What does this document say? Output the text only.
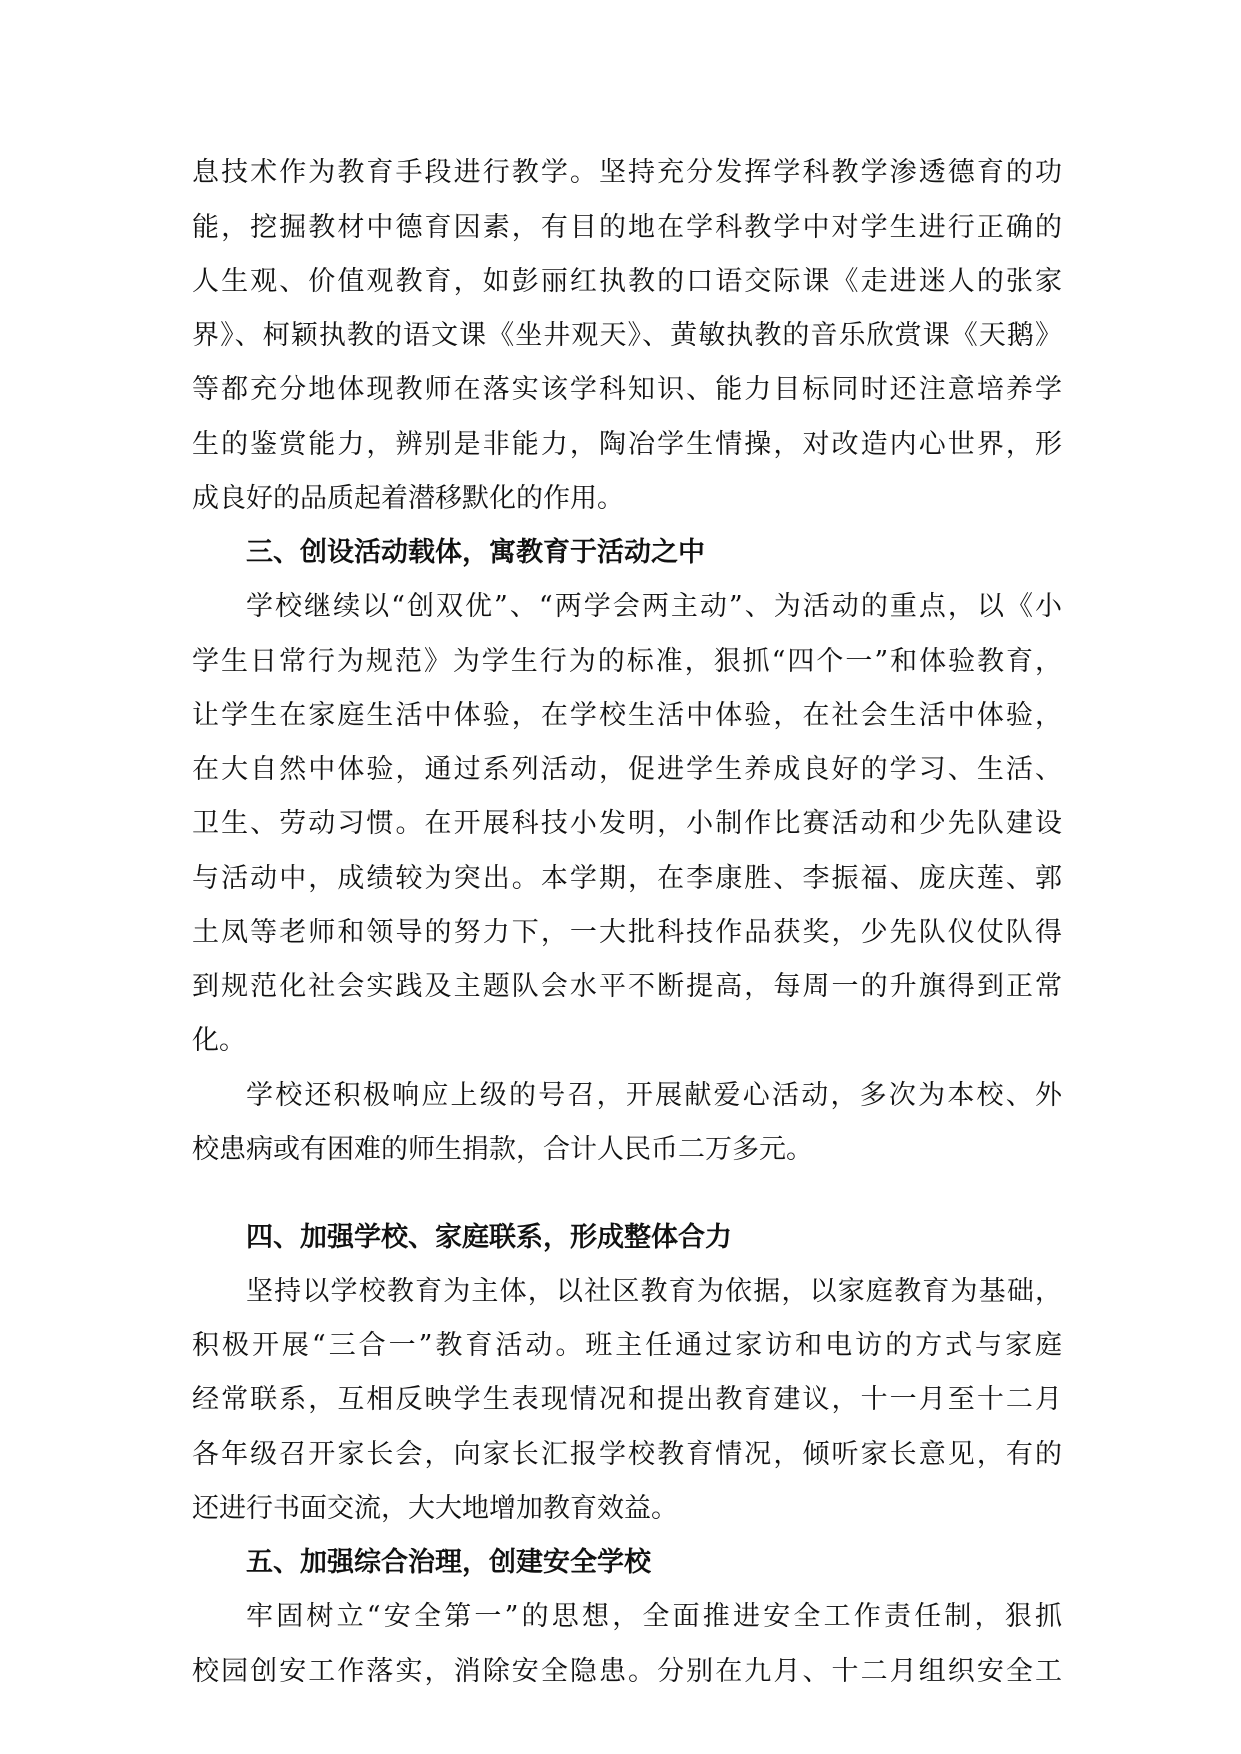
息技术作为教育手段进行教学。坚持充分发挥学科教学渗透德育的功
能，挖掘教材中德育因素，有目的地在学科教学中对学生进行正确的
人生观、价值观教育，如彭丽红执教的口语交际课《走进迷人的张家
界》、柯颖执教的语文课《坐井观天》、黄敏执教的音乐欣赏课《天鹅》
等都充分地体现教师在落实该学科知识、能力目标同时还注意培养学
生的鉴赏能力，辨别是非能力，陶冶学生情操，对改造内心世界，形
成良好的品质起着潜移默化的作用。
三、创设活动载体，寓教育于活动之中
学校继续以“创双优”、“两学会两主动”、为活动的重点，以《小
学生日常行为规范》为学生行为的标准，狠抓“四个一”和体验教育，
让学生在家庭生活中体验，在学校生活中体验，在社会生活中体验，
在大自然中体验，通过系列活动，促进学生养成良好的学习、生活、
卫生、劳动习惯。在开展科技小发明，小制作比赛活动和少先队建设
与活动中，成绩较为突出。本学期，在李康胜、李振福、庞庆莲、郭
土凤等老师和领导的努力下，一大批科技作品获奖，少先队仪仗队得
到规范化社会实践及主题队会水平不断提高，每周一的升旗得到正常
化。
学校还积极响应上级的号召，开展献爱心活动，多次为本校、外
校患病或有困难的师生捐款，合计人民币二万多元。
四、加强学校、家庭联系，形成整体合力
坚持以学校教育为主体，以社区教育为依据，以家庭教育为基础，
积极开展“三合一”教育活动。班主任通过家访和电访的方式与家庭
经常联系，互相反映学生表现情况和提出教育建议，十一月至十二月
各年级召开家长会，向家长汇报学校教育情况，倾听家长意见，有的
还进行书面交流，大大地增加教育效益。
五、加强综合治理，创建安全学校
牢固树立“安全第一”的思想，全面推进安全工作责任制，狠抓
校园创安工作落实，消除安全隐患。分别在九月、十二月组织安全工
